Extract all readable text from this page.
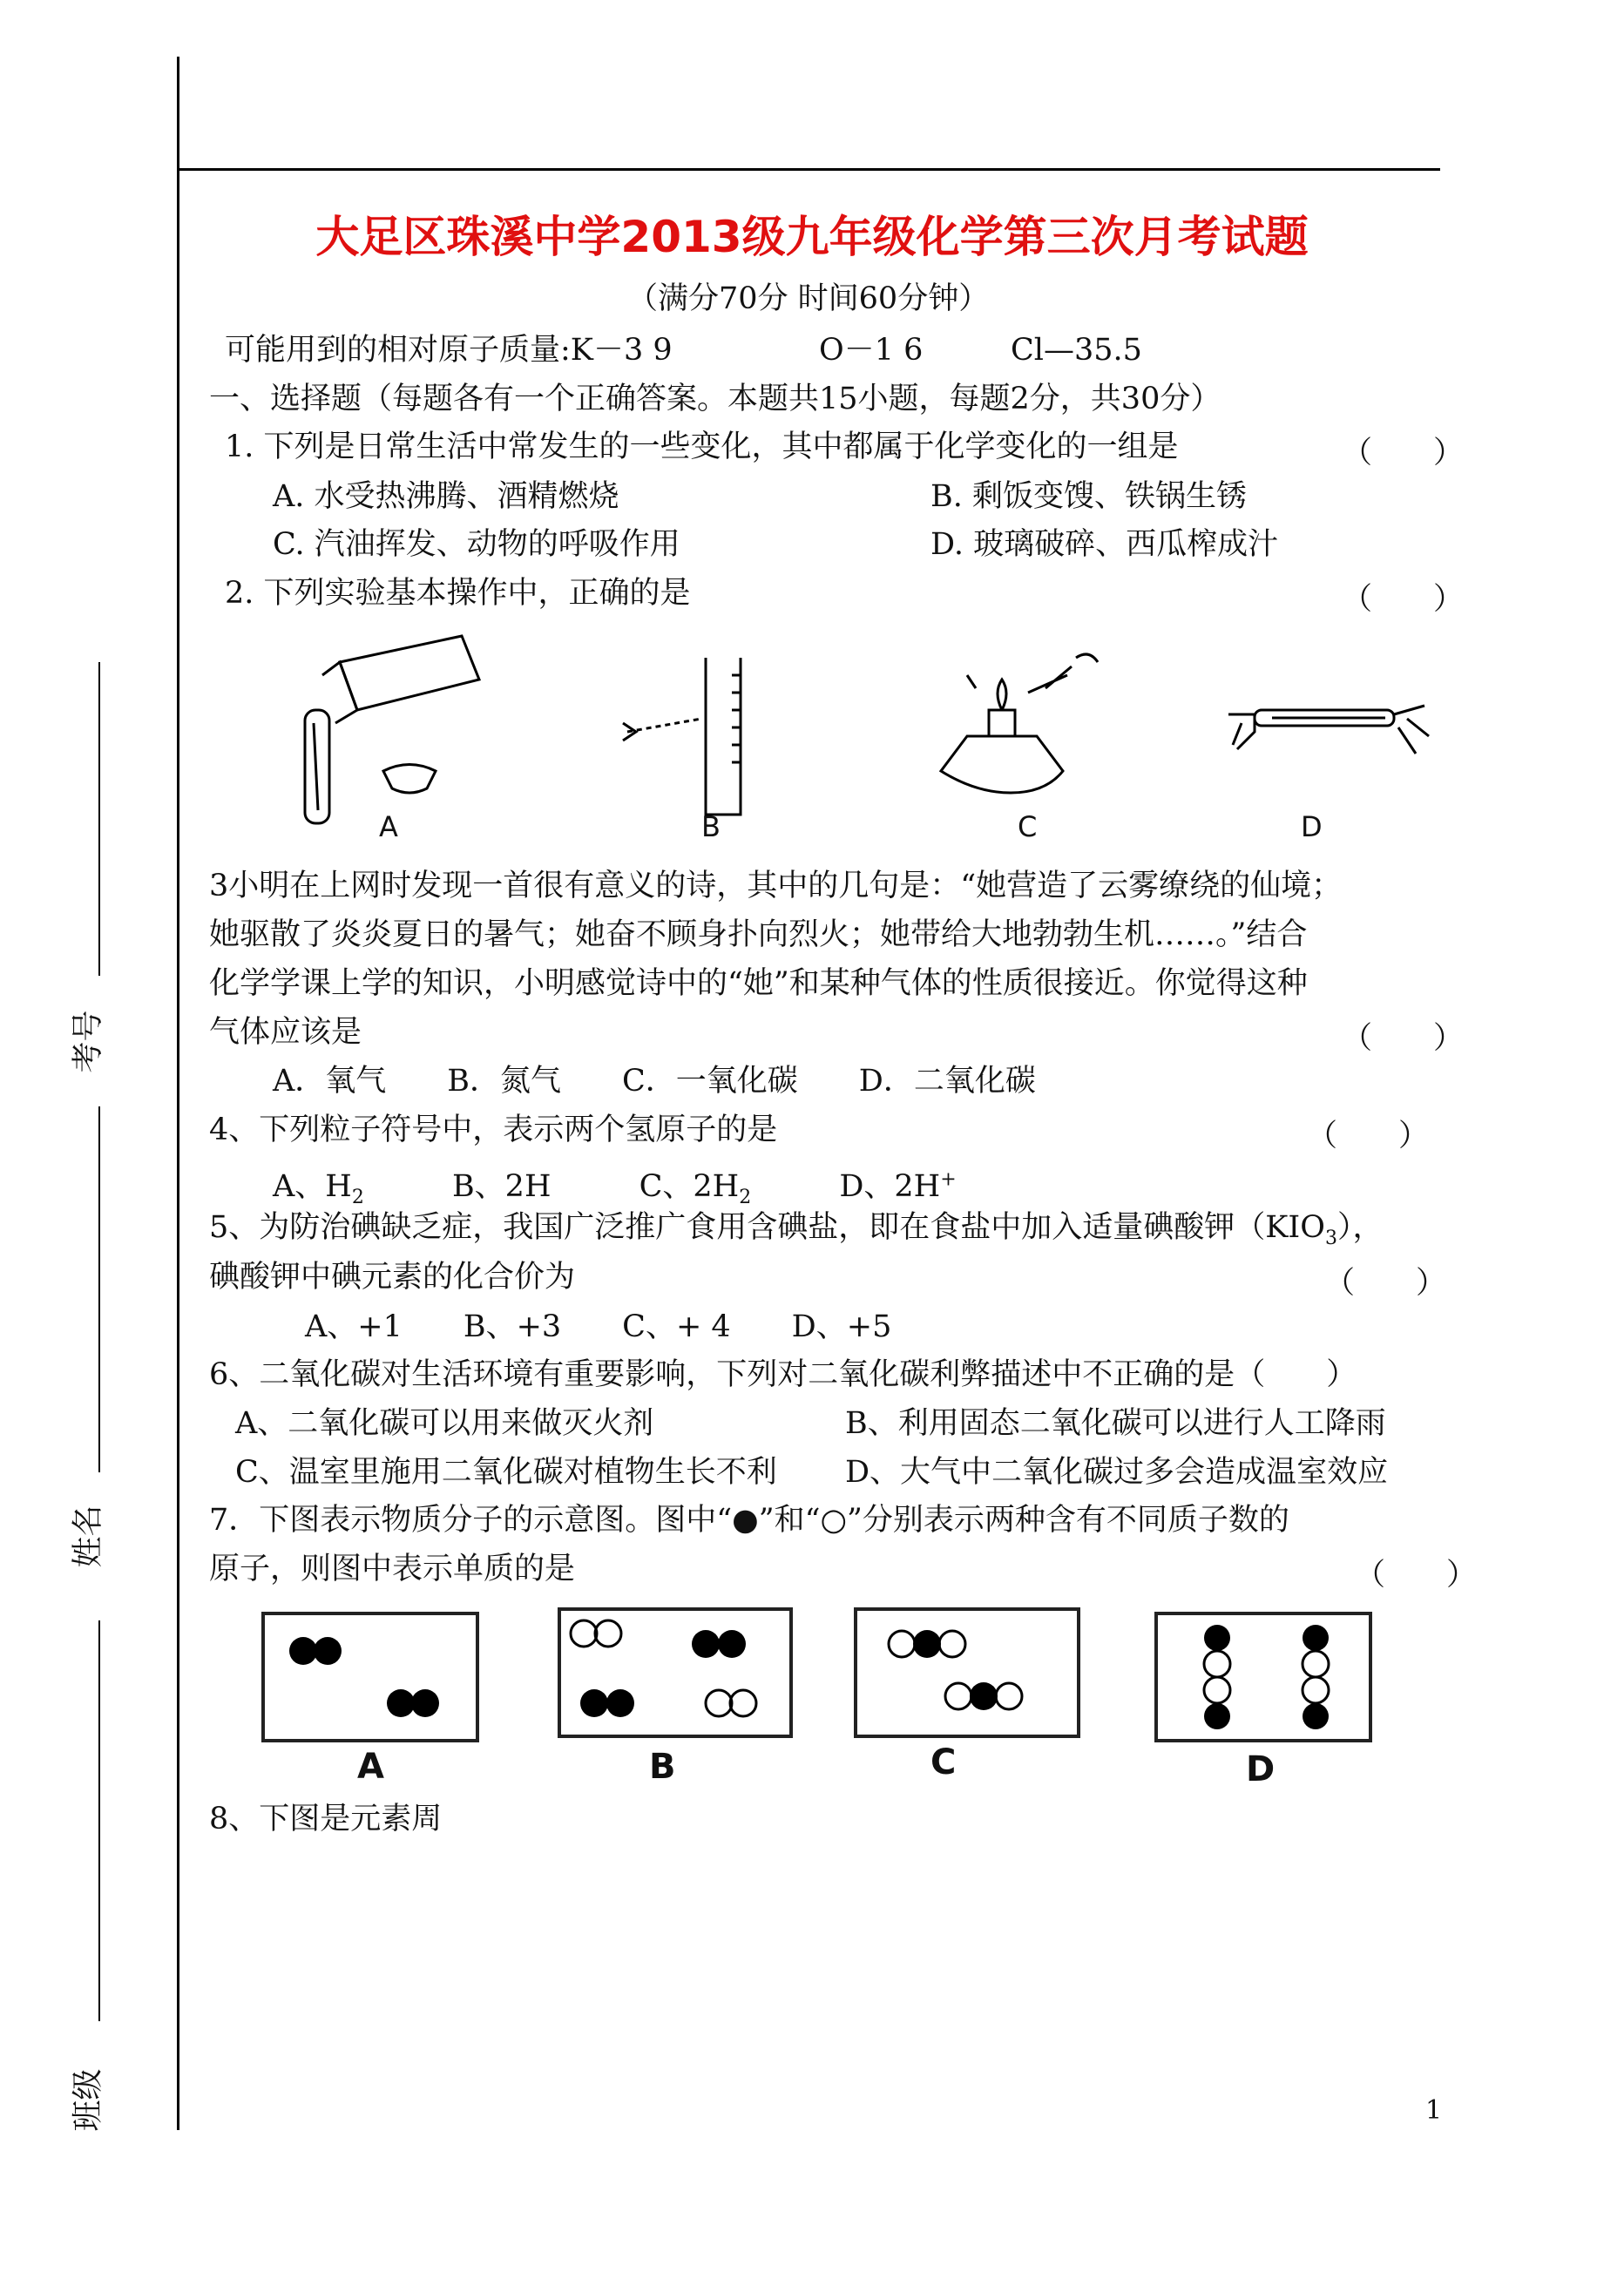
考号
姓名
班级
大足区珠溪中学2013级九年级化学第三次月考试题
（满分70分 时间60分钟）
可能用到的相对原子质量:K－3 9	O－1 6	Cl—35.5
一、选择题（每题各有一个正确答案。本题共15小题，每题2分，共30分）
1. 下列是日常生活中常发生的一些变化，其中都属于化学变化的一组是	（　　）
A. 水受热沸腾、酒精燃烧	B. 剩饭变馊、铁锅生锈
C. 汽油挥发、动物的呼吸作用	D. 玻璃破碎、西瓜榨成汁
2. 下列实验基本操作中，正确的是	（　　）
A	B	C	D
3小明在上网时发现一首很有意义的诗，其中的几句是：“她营造了云雾缭绕的仙境；
她驱散了炎炎夏日的暑气；她奋不顾身扑向烈火；她带给大地勃勃生机……。”结合
化学学课上学的知识，小明感觉诗中的“她”和某种气体的性质很接近。你觉得这种
气体应该是	（　　）
A．氧气　　B．氮气　　C．一氧化碳　　D．二氧化碳
4、下列粒子符号中，表示两个氢原子的是	（　　）
A、$H_2$	B、2H	C、$2H_2$	D、2H+
5、为防治碘缺乏症，我国广泛推广食用含碘盐，即在食盐中加入适量碘酸钾$(KIO_3)$，
碘酸钾中碘元素的化合价为	（　　）
A、+1　　B、+3　　C、+ 4　　D、+5
6、二氧化碳对生活环境有重要影响，下列对二氧化碳利弊描述中不正确的是（　　）
A、二氧化碳可以用来做灭火剂	B、利用固态二氧化碳可以进行人工降雨
C、温室里施用二氧化碳对植物生长不利 D、大气中二氧化碳过多会造成温室效应
7．下图表示物质分子的示意图。图中“●”和“○”分别表示两种含有不同质子数的
原子，则图中表示单质的是	（　　）
A	B	C	D
8、下图是元素周
1
